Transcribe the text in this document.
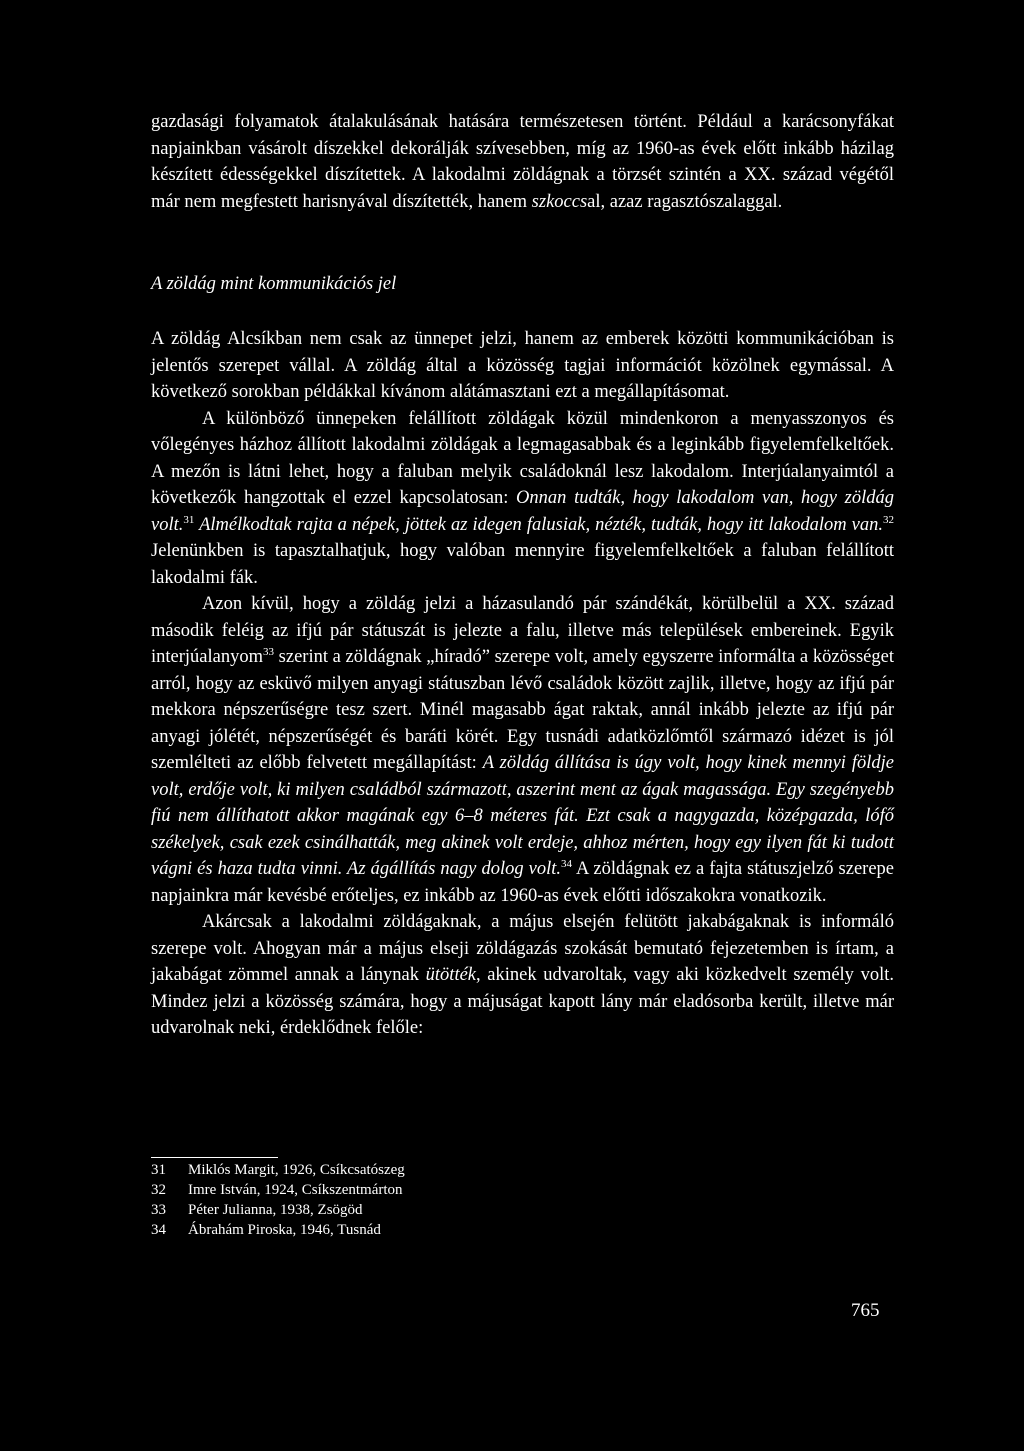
gazdasági folyamatok átalakulásának hatására természetesen történt. Például a karácsonyfákat napjainkban vásárolt díszekkel dekorálják szívesebben, míg az 1960-as évek előtt inkább házilag készített édességekkel díszítettek. A lakodalmi zöldágnak a törzsét szintén a XX. század végétől már nem megfestett harisnyával díszítették, hanem szkoccsal, azaz ragasztószalaggal.

A zöldág mint kommunikációs jel

A zöldág Alcsíkban nem csak az ünnepet jelzi, hanem az emberek közötti kommunikációban is jelentős szerepet vállal. A zöldág által a közösség tagjai információt közölnek egymással. A következő sorokban példákkal kívánom alátámasztani ezt a megállapításomat.

A különböző ünnepeken felállított zöldágak közül mindenkoron a menyasszonyos és vőlegényes házhoz állított lakodalmi zöldágak a legmagasabbak és a leginkább figyelemfelkeltőek. A mezőn is látni lehet, hogy a faluban melyik családoknál lesz lakodalom. Interjúalanyaimtól a következők hangzottak el ezzel kapcsolatosan: Onnan tudták, hogy lakodalom van, hogy zöldág volt.$^{31}$ Almélkodtak rajta a népek, jöttek az idegen falusiak, nézték, tudták, hogy itt lakodalom van.$^{32}$ Jelenünkben is tapasztalhatjuk, hogy valóban mennyire figyelemfelkeltőek a faluban felállított lakodalmi fák.

Azon kívül, hogy a zöldág jelzi a házasulandó pár szándékát, körülbelül a XX. század második feléig az ifjú pár státuszát is jelezte a falu, illetve más települések embereinek. Egyik interjúalanyom$^{33}$ szerint a zöldágnak „híradó” szerepe volt, amely egyszerre informálta a közösséget arról, hogy az esküvő milyen anyagi státuszban lévő családok között zajlik, illetve, hogy az ifjú pár mekkora népszerűségre tesz szert. Minél magasabb ágat raktak, annál inkább jelezte az ifjú pár anyagi jólétét, népszerűségét és baráti körét. Egy tusnádi adatközlőmtől származó idézet is jól szemlélteti az előbb felvetett megállapítást: A zöldág állítása is úgy volt, hogy kinek mennyi földje volt, erdője volt, ki milyen családból származott, aszerint ment az ágak magassága. Egy szegényebb fiú nem állíthatott akkor magának egy 6–8 méteres fát. Ezt csak a nagygazda, középgazda, lófő székelyek, csak ezek csinálhatták, meg akinek volt erdeje, ahhoz mérten, hogy egy ilyen fát ki tudott vágni és haza tudta vinni. Az ágállítás nagy dolog volt.$^{34}$ A zöldágnak ez a fajta státuszjelző szerepe napjainkra már kevésbé erőteljes, ez inkább az 1960-as évek előtti időszakokra vonatkozik.

Akárcsak a lakodalmi zöldágaknak, a május elsején felütött jakabágaknak is informáló szerepe volt. Ahogyan már a május elseji zöldágazás szokását bemutató fejezetemben is írtam, a jakabágat zömmel annak a lánynak ütötték, akinek udvaroltak, vagy aki közkedvelt személy volt. Mindez jelzi a közösség számára, hogy a májuságat kapott lány már eladósorba került, illetve már udvarolnak neki, érdeklődnek felőle:

31	Miklós Margit, 1926, Csíkcsatószeg
32	Imre István, 1924, Csíkszentmárton
33	Péter Julianna, 1938, Zsögöd
34	Ábrahám Piroska, 1946, Tusnád
765
